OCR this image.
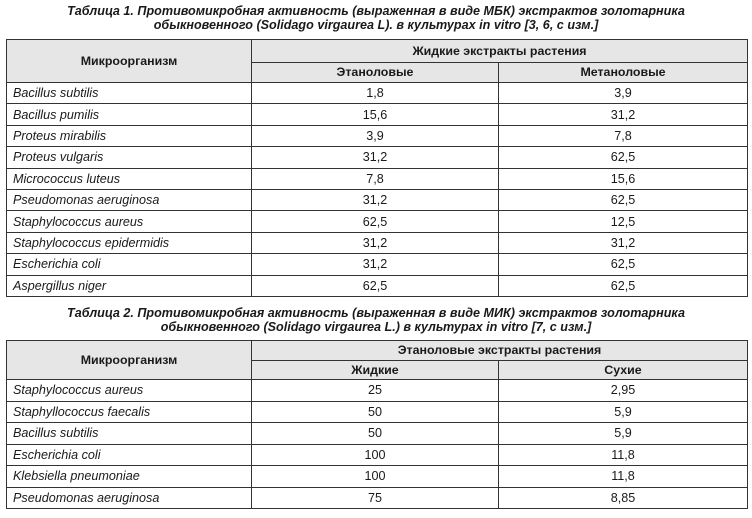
Таблица 1. Противомикробная активность (выраженная в виде МБК) экстрактов золотарника
обыкновенного (Solidago virgaurea L). в культурах in vitro [3, 6, с изм.]
Микроорганизм	Жидкие экстракты растения	
	Этаноловые	Метаноловые
Bacillus subtilis	1,8	3,9
Bacillus pumilis	15,6	31,2
Proteus mirabilis	3,9	7,8
Proteus vulgaris	31,2	62,5
Micrococcus luteus	7,8	15,6
Pseudomonas aeruginosa	31,2	62,5
Staphylococcus aureus	62,5	12,5
Staphylococcus epidermidis	31,2	31,2
Escherichia coli	31,2	62,5
Aspergillus niger	62,5	62,5
Таблица 2. Противомикробная активность (выраженная в виде МИК) экстрактов золотарника
обыкновенного (Solidago virgaurea L.) в культурах in vitro [7, с изм.]
Микроорганизм	Этаноловые экстракты растения	
	Жидкие	Сухие
Staphylococcus aureus	25	2,95
Staphyllococcus faecalis	50	5,9
Bacillus subtilis	50	5,9
Escherichia coli	100	11,8
Klebsiella pneumoniae	100	11,8
Pseudomonas aeruginosa	75	8,85
